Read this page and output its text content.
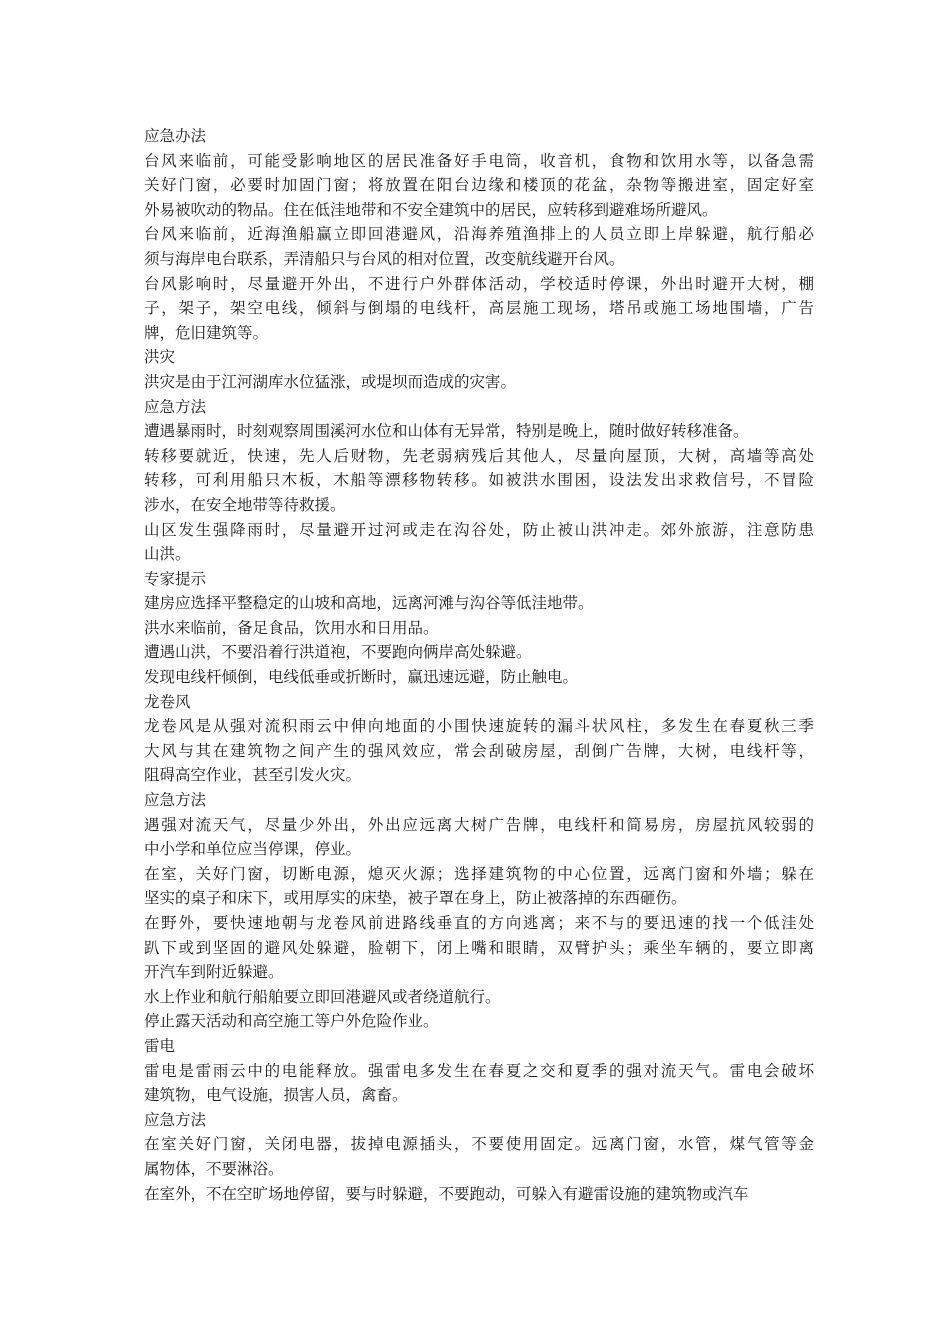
应急办法
台风来临前，可能受影响地区的居民准备好手电筒，收音机，食物和饮用水等，以备急需
关好门窗，必要时加固门窗；将放置在阳台边缘和楼顶的花盆，杂物等搬进室，固定好室
外易被吹动的物品。住在低洼地带和不安全建筑中的居民，应转移到避难场所避风。
台风来临前，近海渔船赢立即回港避风，沿海养殖渔排上的人员立即上岸躲避，航行船必
须与海岸电台联系，弄清船只与台风的相对位置，改变航线避开台风。
台风影响时，尽量避开外出，不进行户外群体活动，学校适时停课，外出时避开大树，棚
子，架子，架空电线，倾斜与倒塌的电线杆，高层施工现场，塔吊或施工场地围墙，广告
牌，危旧建筑等。
洪灾
洪灾是由于江河湖库水位猛涨，或堤坝而造成的灾害。
应急方法
遭遇暴雨时，时刻观察周围溪河水位和山体有无异常，特别是晚上，随时做好转移准备。
转移要就近，快速，先人后财物，先老弱病残后其他人，尽量向屋顶，大树，高墙等高处
转移，可利用船只木板，木船等漂移物转移。如被洪水围困，设法发出求救信号，不冒险
涉水，在安全地带等待救援。
山区发生强降雨时，尽量避开过河或走在沟谷处，防止被山洪冲走。郊外旅游，注意防患
山洪。
专家提示
建房应选择平整稳定的山坡和高地，远离河滩与沟谷等低洼地带。
洪水来临前，备足食品，饮用水和日用品。
遭遇山洪，不要沿着行洪道袍，不要跑向俩岸高处躲避。
发现电线杆倾倒，电线低垂或折断时，赢迅速远避，防止触电。
龙卷风
龙卷风是从强对流积雨云中伸向地面的小围快速旋转的漏斗状风柱，多发生在春夏秋三季
大风与其在建筑物之间产生的强风效应，常会刮破房屋，刮倒广告牌，大树，电线杆等，
阻碍高空作业，甚至引发火灾。
应急方法
遇强对流天气，尽量少外出，外出应远离大树广告牌，电线杆和简易房，房屋抗风较弱的
中小学和单位应当停课，停业。
在室，关好门窗，切断电源，熄灭火源；选择建筑物的中心位置，远离门窗和外墙；躲在
坚实的桌子和床下，或用厚实的床垫，被子罩在身上，防止被落掉的东西砸伤。
在野外，要快速地朝与龙卷风前进路线垂直的方向逃离；来不与的要迅速的找一个低洼处
趴下或到坚固的避风处躲避，脸朝下，闭上嘴和眼睛，双臂护头；乘坐车辆的，要立即离
开汽车到附近躲避。
水上作业和航行船舶要立即回港避风或者绕道航行。
停止露天活动和高空施工等户外危险作业。
雷电
雷电是雷雨云中的电能释放。强雷电多发生在春夏之交和夏季的强对流天气。雷电会破坏
建筑物，电气设施，损害人员，禽畜。
应急方法
在室关好门窗，关闭电器，拔掉电源插头，不要使用固定。远离门窗，水管，煤气管等金
属物体，不要淋浴。
在室外，不在空旷场地停留，要与时躲避，不要跑动，可躲入有避雷设施的建筑物或汽车
